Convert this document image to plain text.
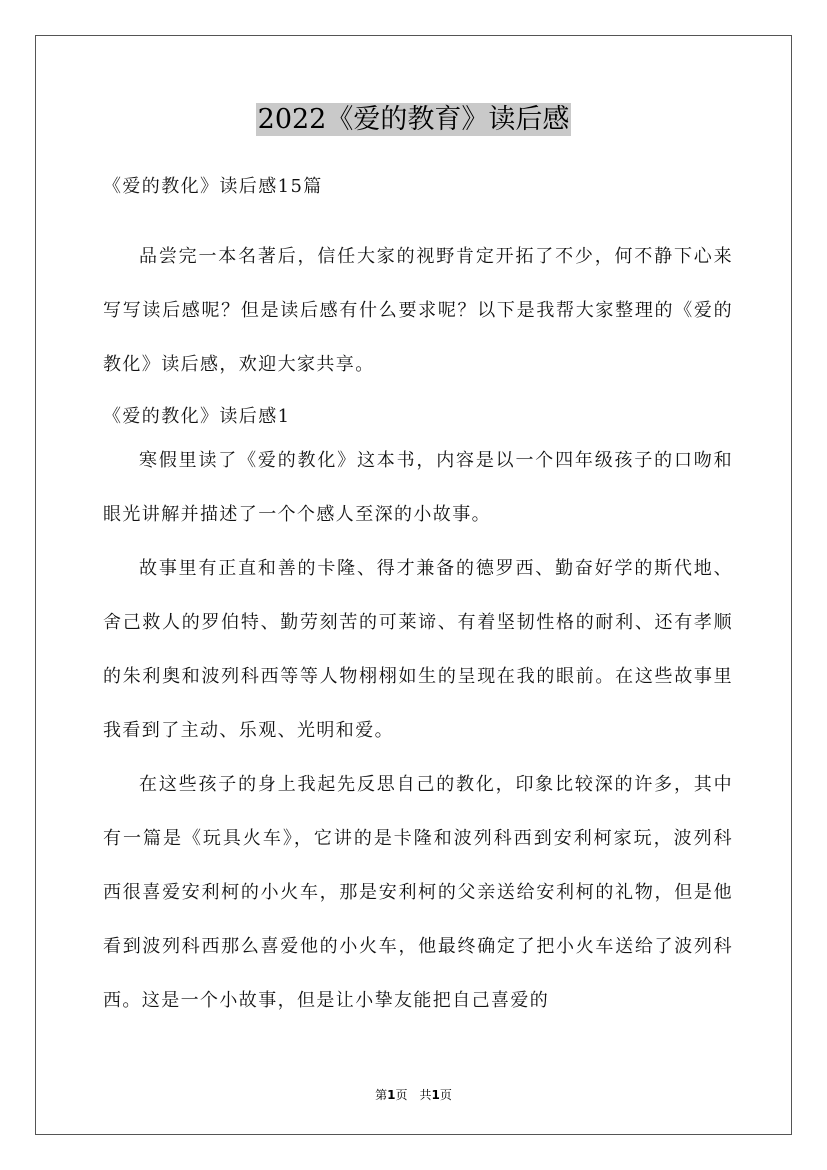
2022《爱的教育》读后感
《爱的教化》读后感15篇
品尝完一本名著后，信任大家的视野肯定开拓了不少，何不静下心来写写读后感呢？但是读后感有什么要求呢？以下是我帮大家整理的《爱的教化》读后感，欢迎大家共享。
《爱的教化》读后感1
寒假里读了《爱的教化》这本书，内容是以一个四年级孩子的口吻和眼光讲解并描述了一个个感人至深的小故事。
故事里有正直和善的卡隆、得才兼备的德罗西、勤奋好学的斯代地、舍己救人的罗伯特、勤劳刻苦的可莱谛、有着坚韧性格的耐利、还有孝顺的朱利奥和波列科西等等人物栩栩如生的呈现在我的眼前。在这些故事里我看到了主动、乐观、光明和爱。
在这些孩子的身上我起先反思自己的教化，印象比较深的许多，其中有一篇是《玩具火车》，它讲的是卡隆和波列科西到安利柯家玩，波列科西很喜爱安利柯的小火车，那是安利柯的父亲送给安利柯的礼物，但是他看到波列科西那么喜爱他的小火车，他最终确定了把小火车送给了波列科西。这是一个小故事，但是让小挚友能把自己喜爱的
第1页　共1页
